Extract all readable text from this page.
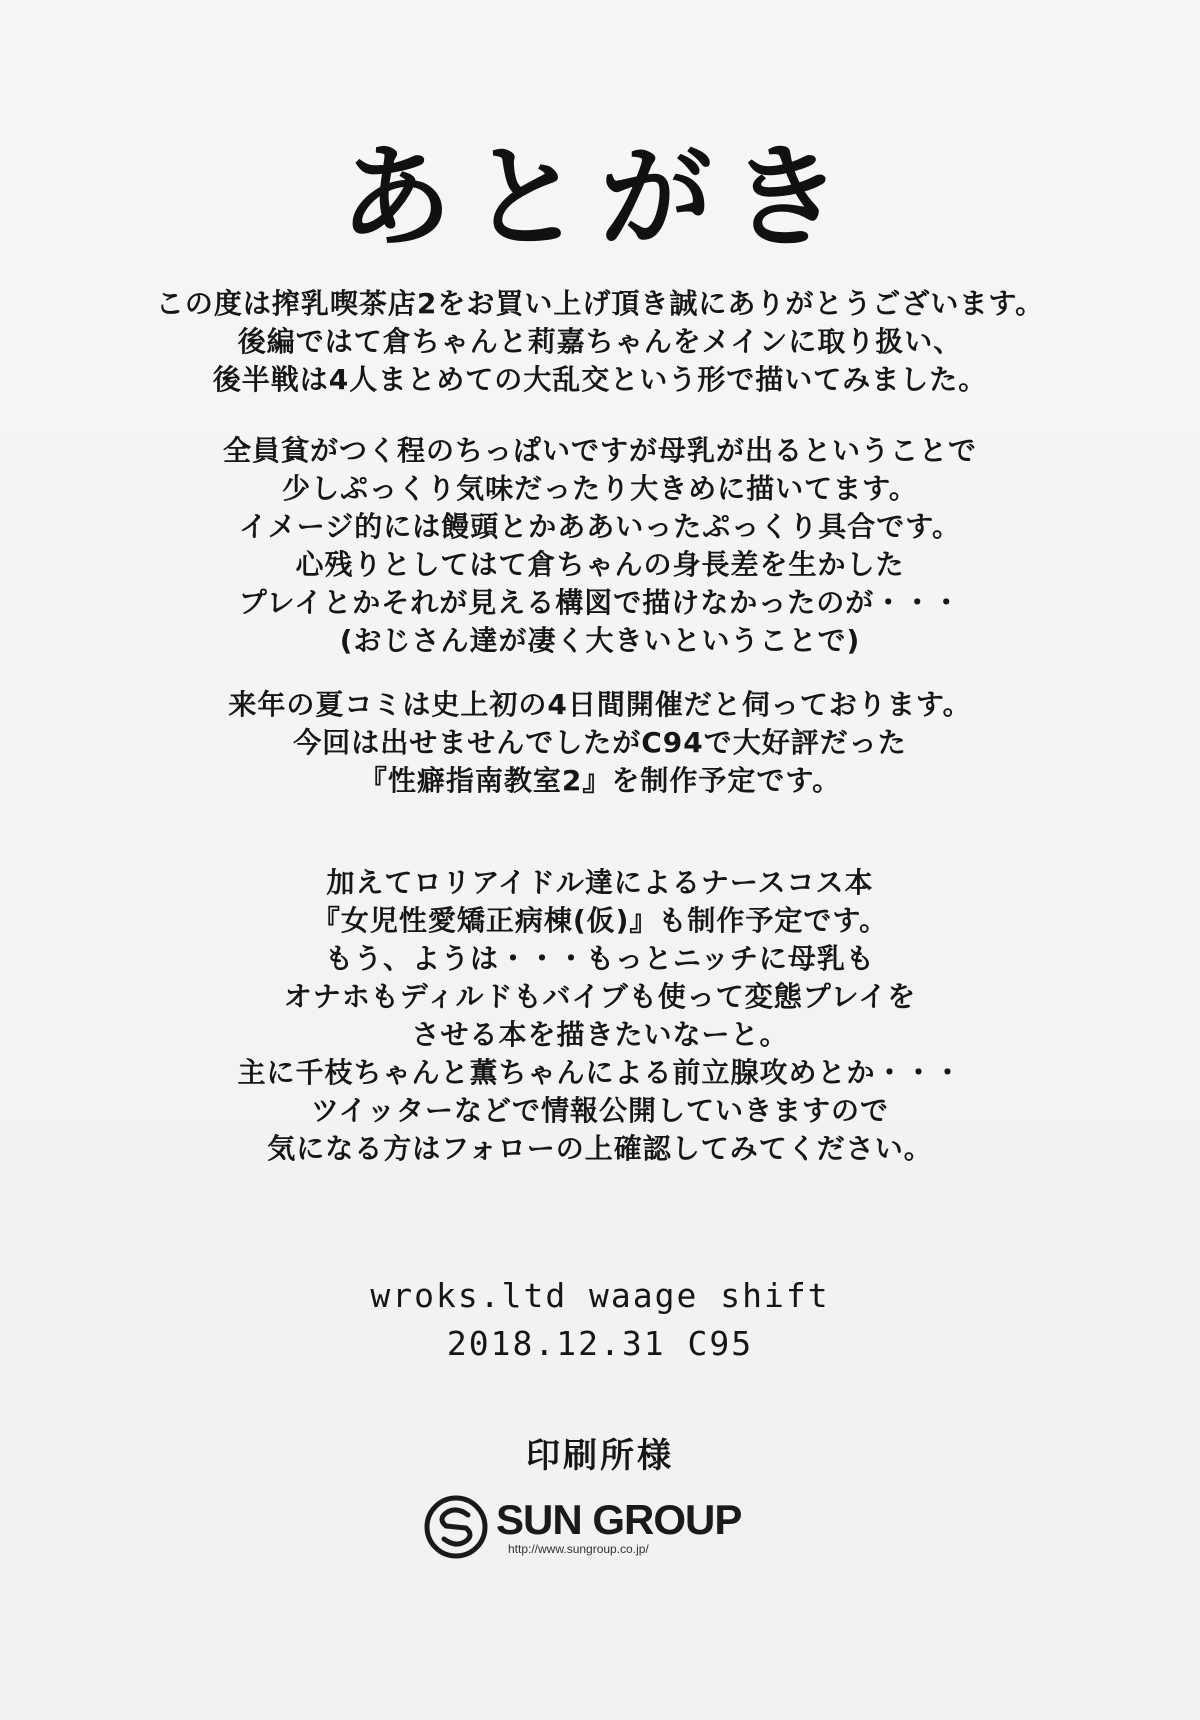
あとがき
この度は搾乳喫茶店2をお買い上げ頂き誠にありがとうございます。
後編ではて倉ちゃんと莉嘉ちゃんをメインに取り扱い、
後半戦は4人まとめての大乱交という形で描いてみました。
全員貧がつく程のちっぱいですが母乳が出るということで
少しぷっくり気味だったり大きめに描いてます。
イメージ的には饅頭とかああいったぷっくり具合です。
心残りとしてはて倉ちゃんの身長差を生かした
プレイとかそれが見える構図で描けなかったのが・・・
(おじさん達が凄く大きいということで)
来年の夏コミは史上初の4日間開催だと伺っております。
今回は出せませんでしたがC94で大好評だった
『性癖指南教室2』を制作予定です。
加えてロリアイドル達によるナースコス本
『女児性愛矯正病棟(仮)』も制作予定です。
もう、ようは・・・もっとニッチに母乳も
オナホもディルドもバイブも使って変態プレイを
させる本を描きたいなーと。
主に千枝ちゃんと薫ちゃんによる前立腺攻めとか・・・
ツイッターなどで情報公開していきますので
気になる方はフォローの上確認してみてください。
wroks.ltd waage shift
2018.12.31 C95
印刷所様
SUN GROUP
http://www.sungroup.co.jp/
